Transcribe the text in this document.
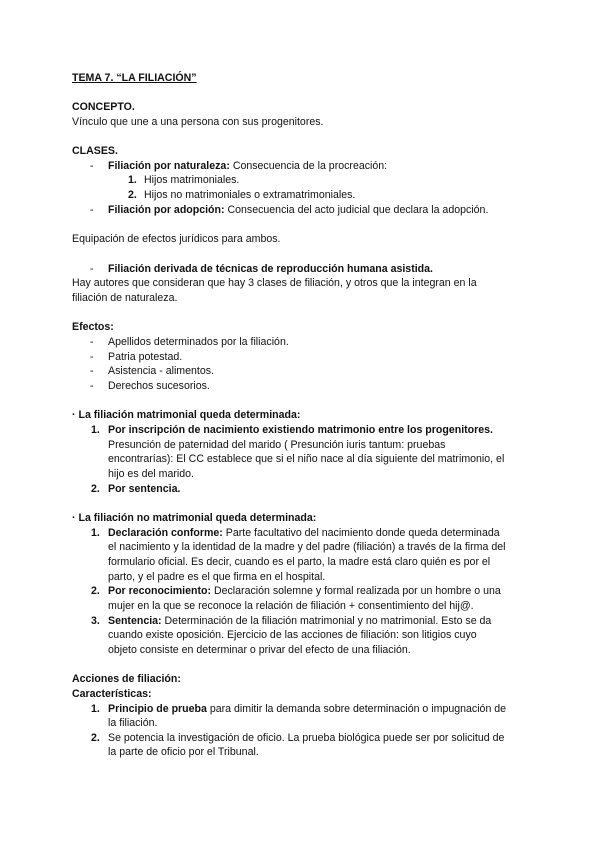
TEMA 7. “LA FILIACIÓN”
CONCEPTO.
Vínculo que une a una persona con sus progenitores.
CLASES.
- Filiación por naturaleza: Consecuencia de la procreación:
1. Hijos matrimoniales.
2. Hijos no matrimoniales o extramatrimoniales.
- Filiación por adopción: Consecuencia del acto judicial que declara la adopción.
Equipación de efectos jurídicos para ambos.
- Filiación derivada de técnicas de reproducción humana asistida.
Hay autores que consideran que hay 3 clases de filiación, y otros que la integran en la
filiación de naturaleza.
Efectos:
- Apellidos determinados por la filiación.
- Patria potestad.
- Asistencia - alimentos.
- Derechos sucesorios.
· La filiación matrimonial queda determinada:
1. Por inscripción de nacimiento existiendo matrimonio entre los progenitores.
Presunción de paternidad del marido ( Presunción iuris tantum: pruebas
encontrarías): El CC establece que si el niño nace al día siguiente del matrimonio, el
hijo es del marido.
2. Por sentencia.
· La filiación no matrimonial queda determinada:
1. Declaración conforme: Parte facultativo del nacimiento donde queda determinada
el nacimiento y la identidad de la madre y del padre (filiación) a través de la firma del
formulario oficial. Es decir, cuando es el parto, la madre está claro quién es por el
parto, y el padre es el que firma en el hospital.
2. Por reconocimiento: Declaración solemne y formal realizada por un hombre o una
mujer en la que se reconoce la relación de filiación + consentimiento del hij@.
3. Sentencia: Determinación de la filiación matrimonial y no matrimonial. Esto se da
cuando existe oposición. Ejercicio de las acciones de filiación: son litigios cuyo
objeto consiste en determinar o privar del efecto de una filiación.
Acciones de filiación:
Características:
1. Principio de prueba para dimitir la demanda sobre determinación o impugnación de
la filiación.
2. Se potencia la investigación de oficio. La prueba biológica puede ser por solicitud de
la parte de oficio por el Tribunal.
